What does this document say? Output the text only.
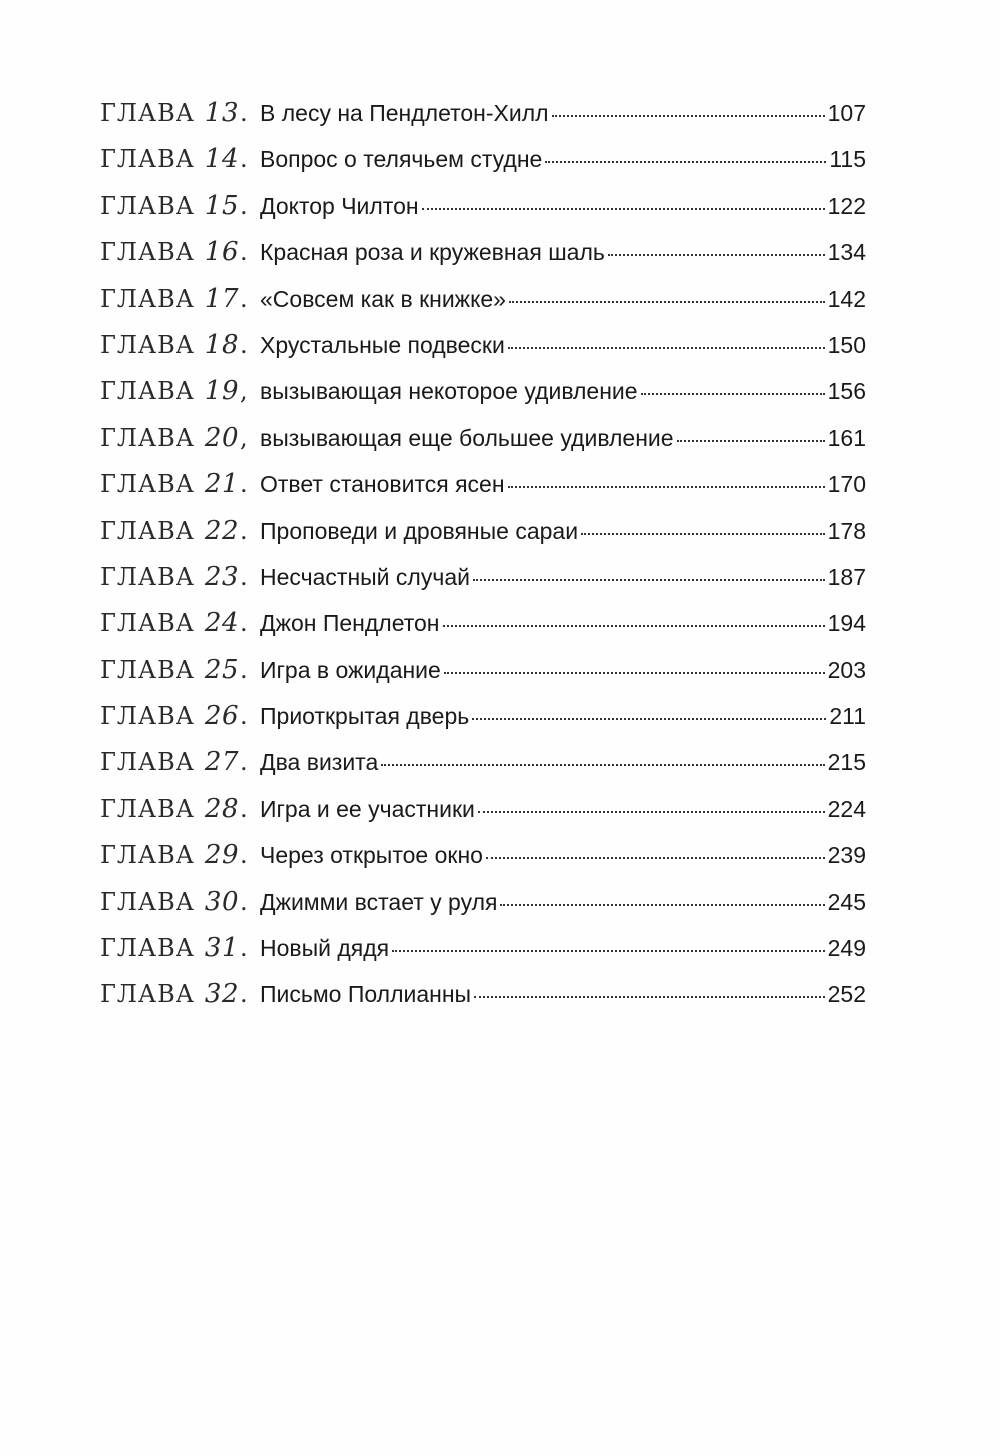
ГЛАВА 13 . В лесу на Пендлетон-Хилл	107
ГЛАВА 14 . Вопрос о телячьем студне	115
ГЛАВА 15 . Доктор Чилтон	122
ГЛАВА 16 . Красная роза и кружевная шаль	134
ГЛАВА 17 . «Совсем как в книжке»	142
ГЛАВА 18 . Хрустальные подвески	150
ГЛАВА 19 , вызывающая некоторое удивление	156
ГЛАВА 20 , вызывающая еще большее удивление	161
ГЛАВА 21 . Ответ становится ясен	170
ГЛАВА 22 . Проповеди и дровяные сараи	178
ГЛАВА 23 . Несчастный случай	187
ГЛАВА 24 . Джон Пендлетон	194
ГЛАВА 25 . Игра в ожидание	203
ГЛАВА 26 . Приоткрытая дверь	211
ГЛАВА 27 . Два визита	215
ГЛАВА 28 . Игра и ее участники	224
ГЛАВА 29 . Через открытое окно	239
ГЛАВА 30 . Джимми встает у руля	245
ГЛАВА 31 . Новый дядя	249
ГЛАВА 32 . Письмо Поллианны	252
